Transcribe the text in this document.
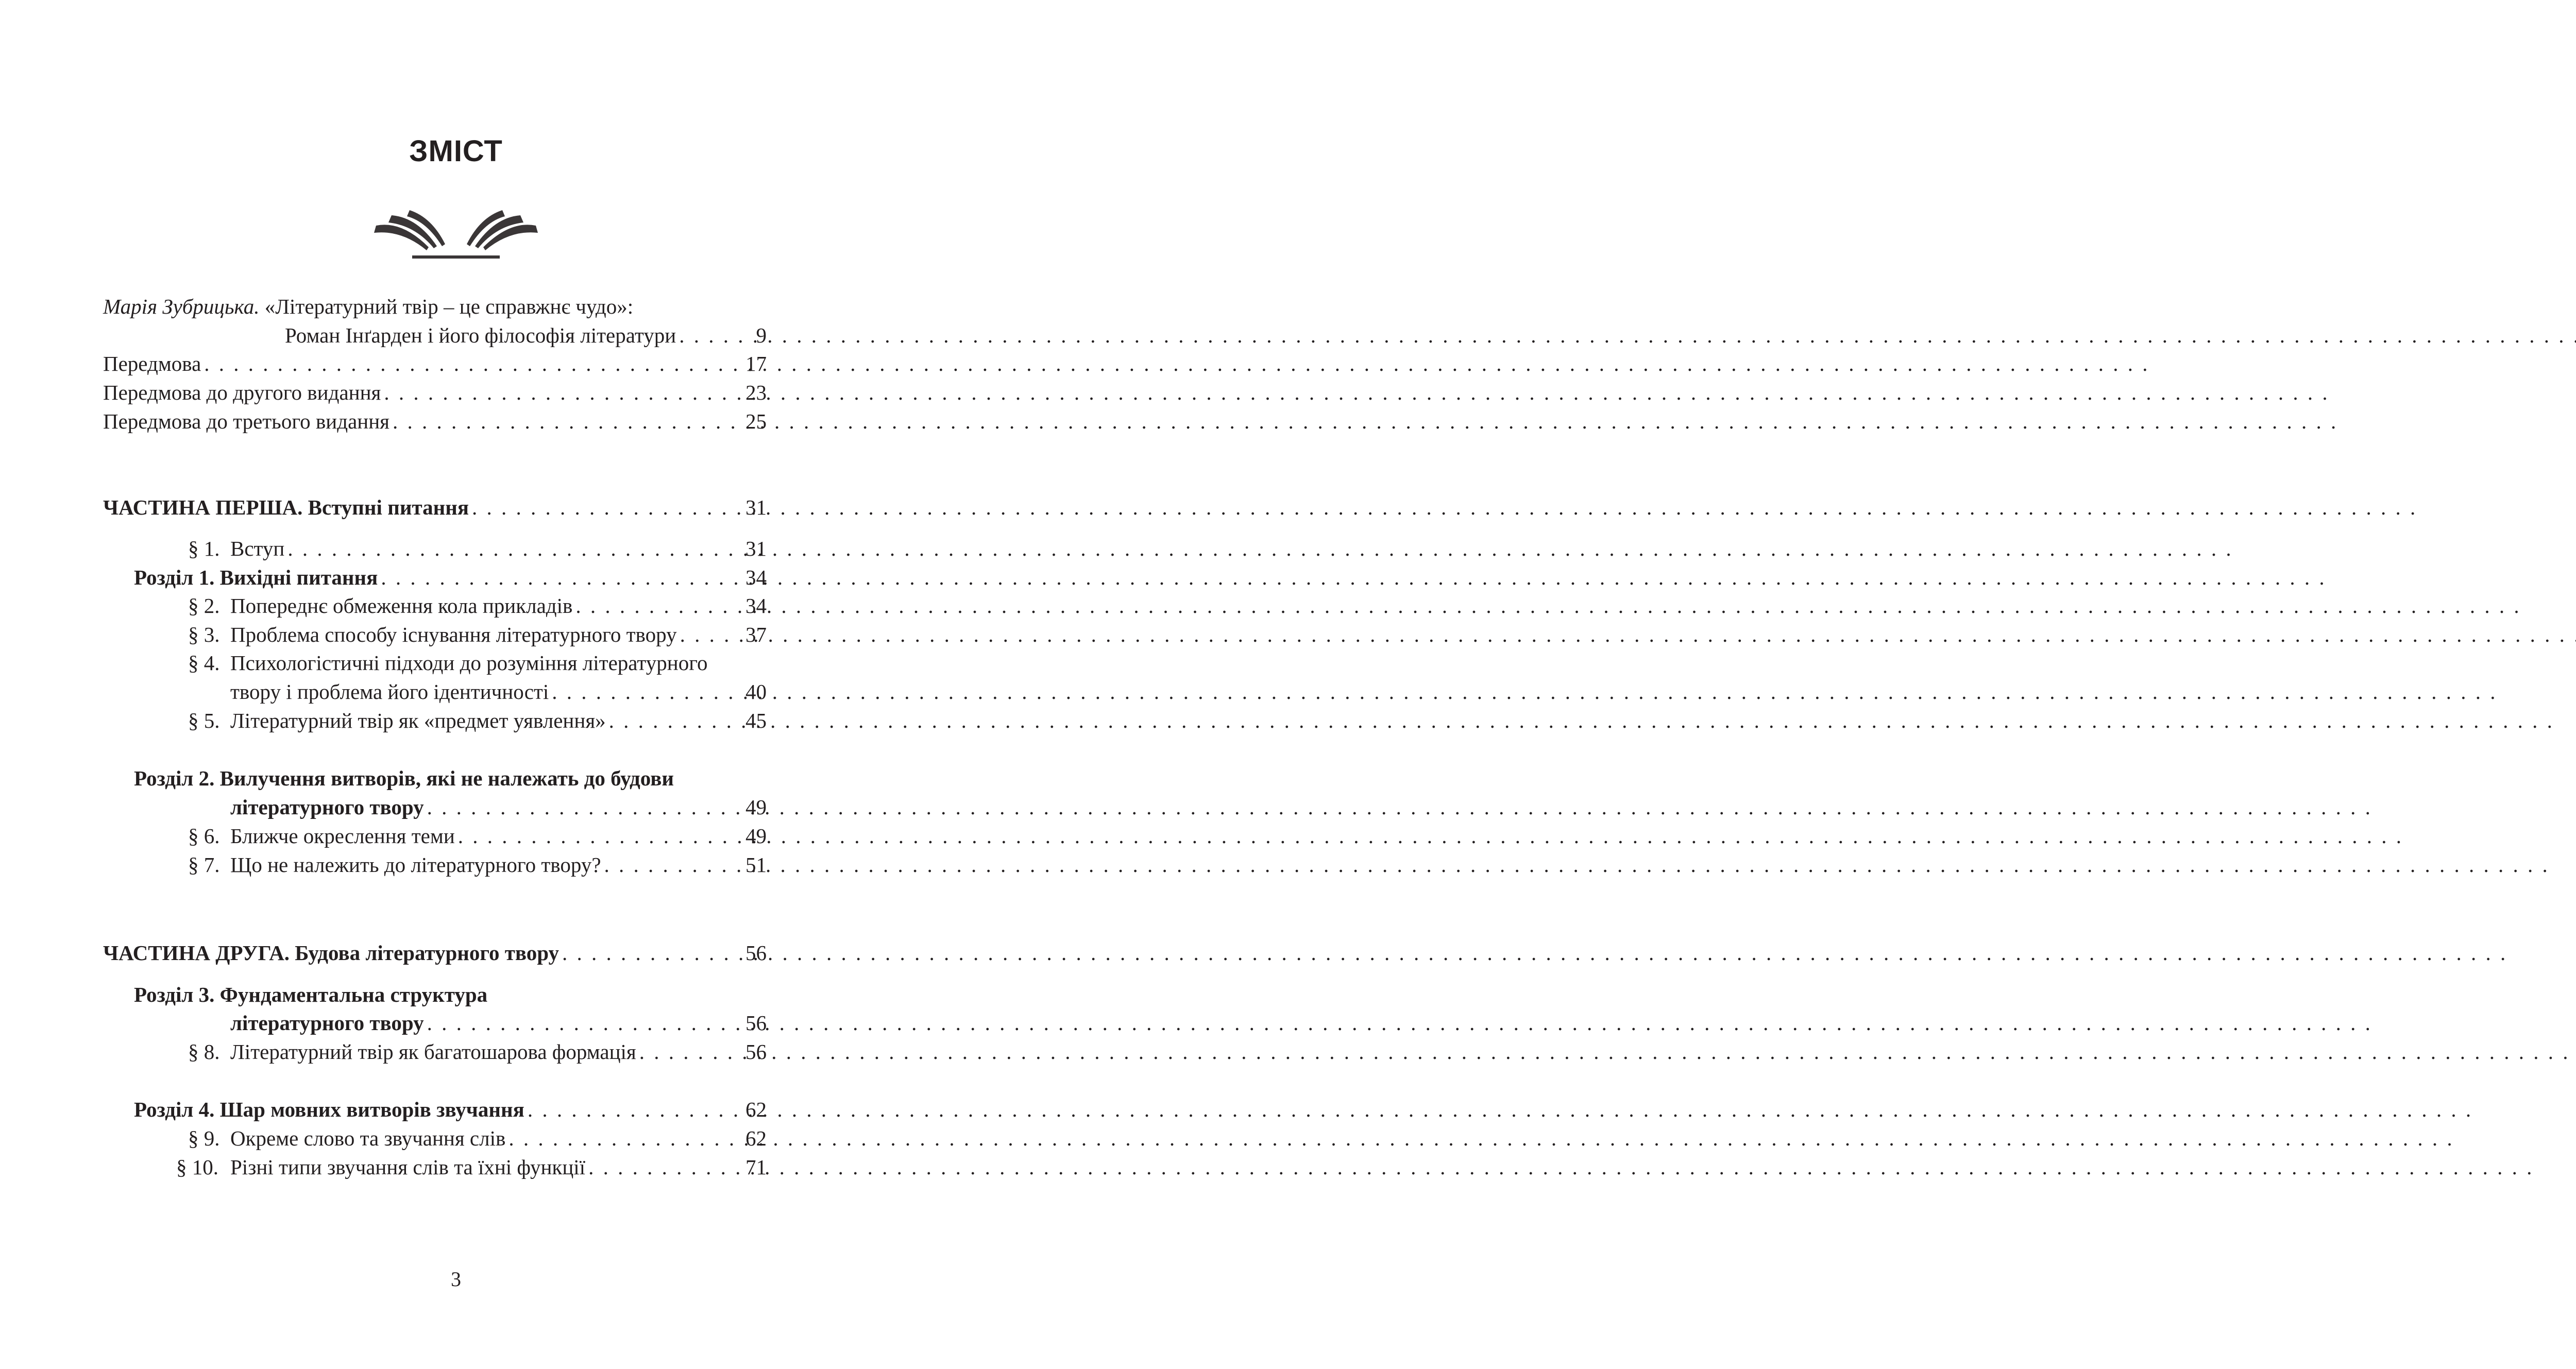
ЗМІСТ
Марія Зубрицька. «Літературний твір – це справжнє чудо»:
Роман Інґарден і його філософія літератури . . .	9
Передмова . . .	17
Передмова до другого видання . . .	23
Передмова до третього видання . . .	25
ЧАСТИНА ПЕРША. Вступні питання . . .	31
§ 1. Вступ . . .	31
Розділ 1. Вихідні питання . . .	34
§ 2. Попереднє обмеження кола прикладів . . .	34
§ 3. Проблема способу існування літературного твору . . .	37
§ 4. Психологістичні підходи до розуміння літературного
твору і проблема його ідентичності . . .	40
§ 5. Літературний твір як «предмет уявлення» . . .	45
Розділ 2. Вилучення витворів, які не належать до будови
літературного твору . . .	49
§ 6. Ближче окреслення теми . . .	49
§ 7. Що не належить до літературного твору? . . .	51
ЧАСТИНА ДРУГА. Будова літературного твору . . .	56
Розділ 3. Фундаментальна структура
літературного твору . . .	56
§ 8. Літературний твір як багатошарова формація . . .	56
Розділ 4. Шар мовних витворів звучання . . .	62
§ 9. Окреме слово та звучання слів . . .	62
§ 10. Різні типи звучання слів та їхні функції . . .	71
3
